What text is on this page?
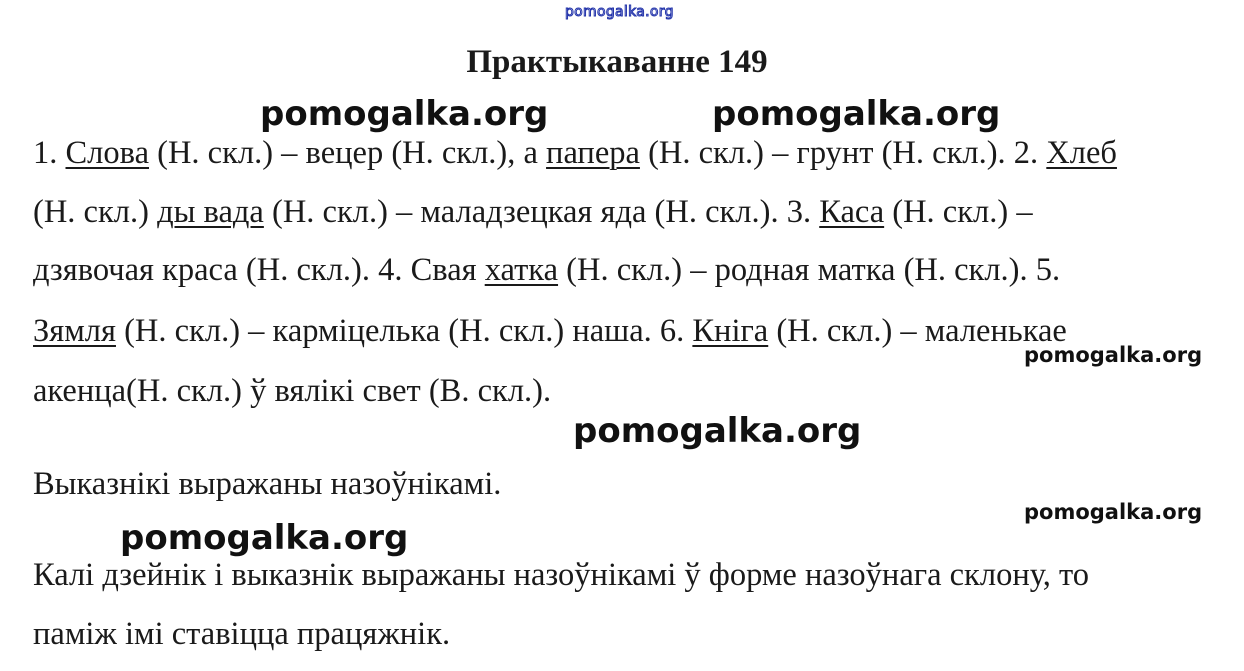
pomogalka.org
Практыкаванне 149
pomogalka.org	pomogalka.org
1. Слова (Н. скл.) – вецер (Н. скл.), а папера (Н. скл.) – грунт (Н. скл.). 2. Хлеб
(Н. скл.) ды вада (Н. скл.) – маладзецкая яда (Н. скл.). 3. Каса (Н. скл.) –
дзявочая краса (Н. скл.). 4. Свая хатка (Н. скл.) – родная матка (Н. скл.). 5.
Зямля (Н. скл.) – карміцелька (Н. скл.) наша. 6. Кніга (Н. скл.) – маленькае
pomogalka.org
акенца(Н. скл.) ў вялікі свет (В. скл.).
pomogalka.org
Выказнікі выражаны назоўнікамі.
pomogalka.org
pomogalka.org
Калі дзейнік і выказнік выражаны назоўнікамі ў форме назоўнага склону, то
паміж імі ставіцца працяжнік.
